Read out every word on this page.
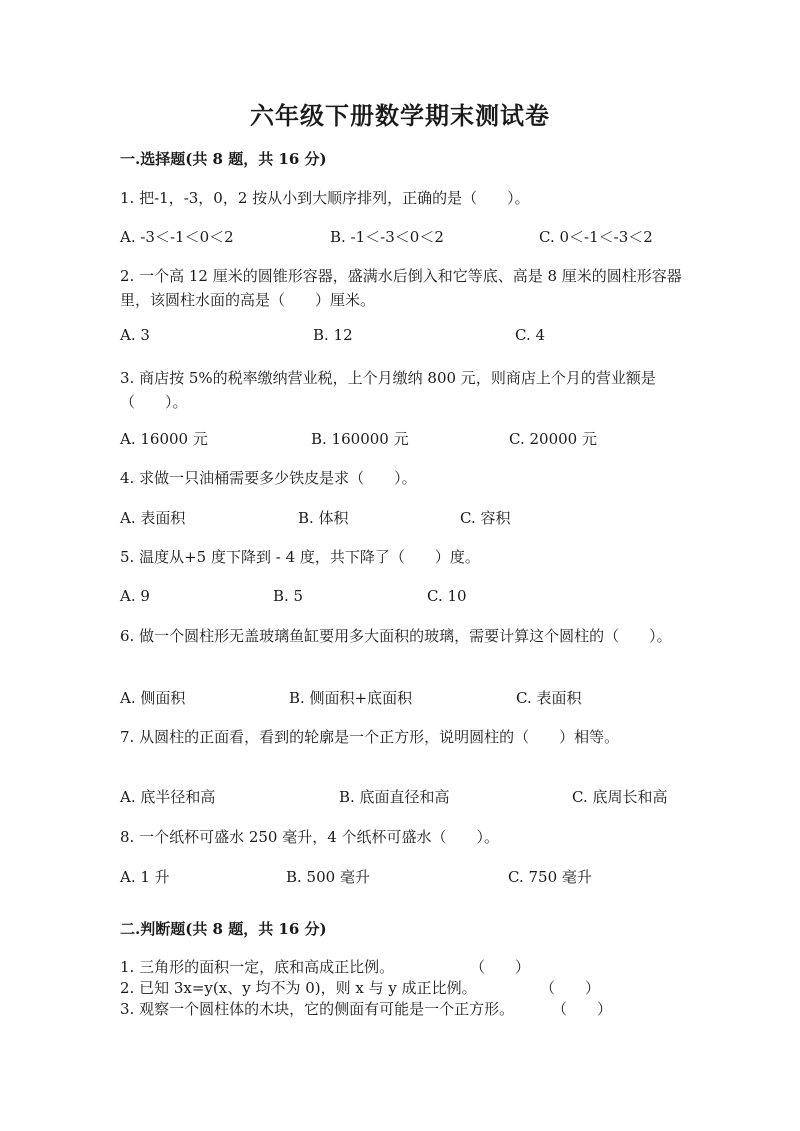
六年级下册数学期末测试卷
一.选择题(共 8 题，共 16 分)
1. 把-1，-3，0，2 按从小到大顺序排列，正确的是（　　）。
A. -3＜-1＜0＜2	B. -1＜-3＜0＜2	C. 0＜-1＜-3＜2
2. 一个高 12 厘米的圆锥形容器，盛满水后倒入和它等底、高是 8 厘米的圆柱形容器里，该圆柱水面的高是（　　）厘米。
A. 3	B. 12	C. 4
3. 商店按 5%的税率缴纳营业税，上个月缴纳 800 元，则商店上个月的营业额是（　　）。
A. 16000 元	B. 160000 元	C. 20000 元
4. 求做一只油桶需要多少铁皮是求（　　）。
A. 表面积	B. 体积	C. 容积
5. 温度从+5 度下降到 - 4 度，共下降了（　　）度。
A. 9	B. 5	C. 10
6. 做一个圆柱形无盖玻璃鱼缸要用多大面积的玻璃，需要计算这个圆柱的（　　）。
A. 侧面积	B. 侧面积+底面积	C. 表面积
7. 从圆柱的正面看，看到的轮廓是一个正方形，说明圆柱的（　　）相等。
A. 底半径和高	B. 底面直径和高	C. 底周长和高
8. 一个纸杯可盛水 250 毫升，4 个纸杯可盛水（　　）。
A. 1 升	B. 500 毫升	C. 750 毫升
二.判断题(共 8 题，共 16 分)
1. 三角形的面积一定，底和高成正比例。	（　　）
2. 已知 3x=y(x、y 均不为 0)，则 x 与 y 成正比例。	（　　）
3. 观察一个圆柱体的木块，它的侧面有可能是一个正方形。	（　　）
